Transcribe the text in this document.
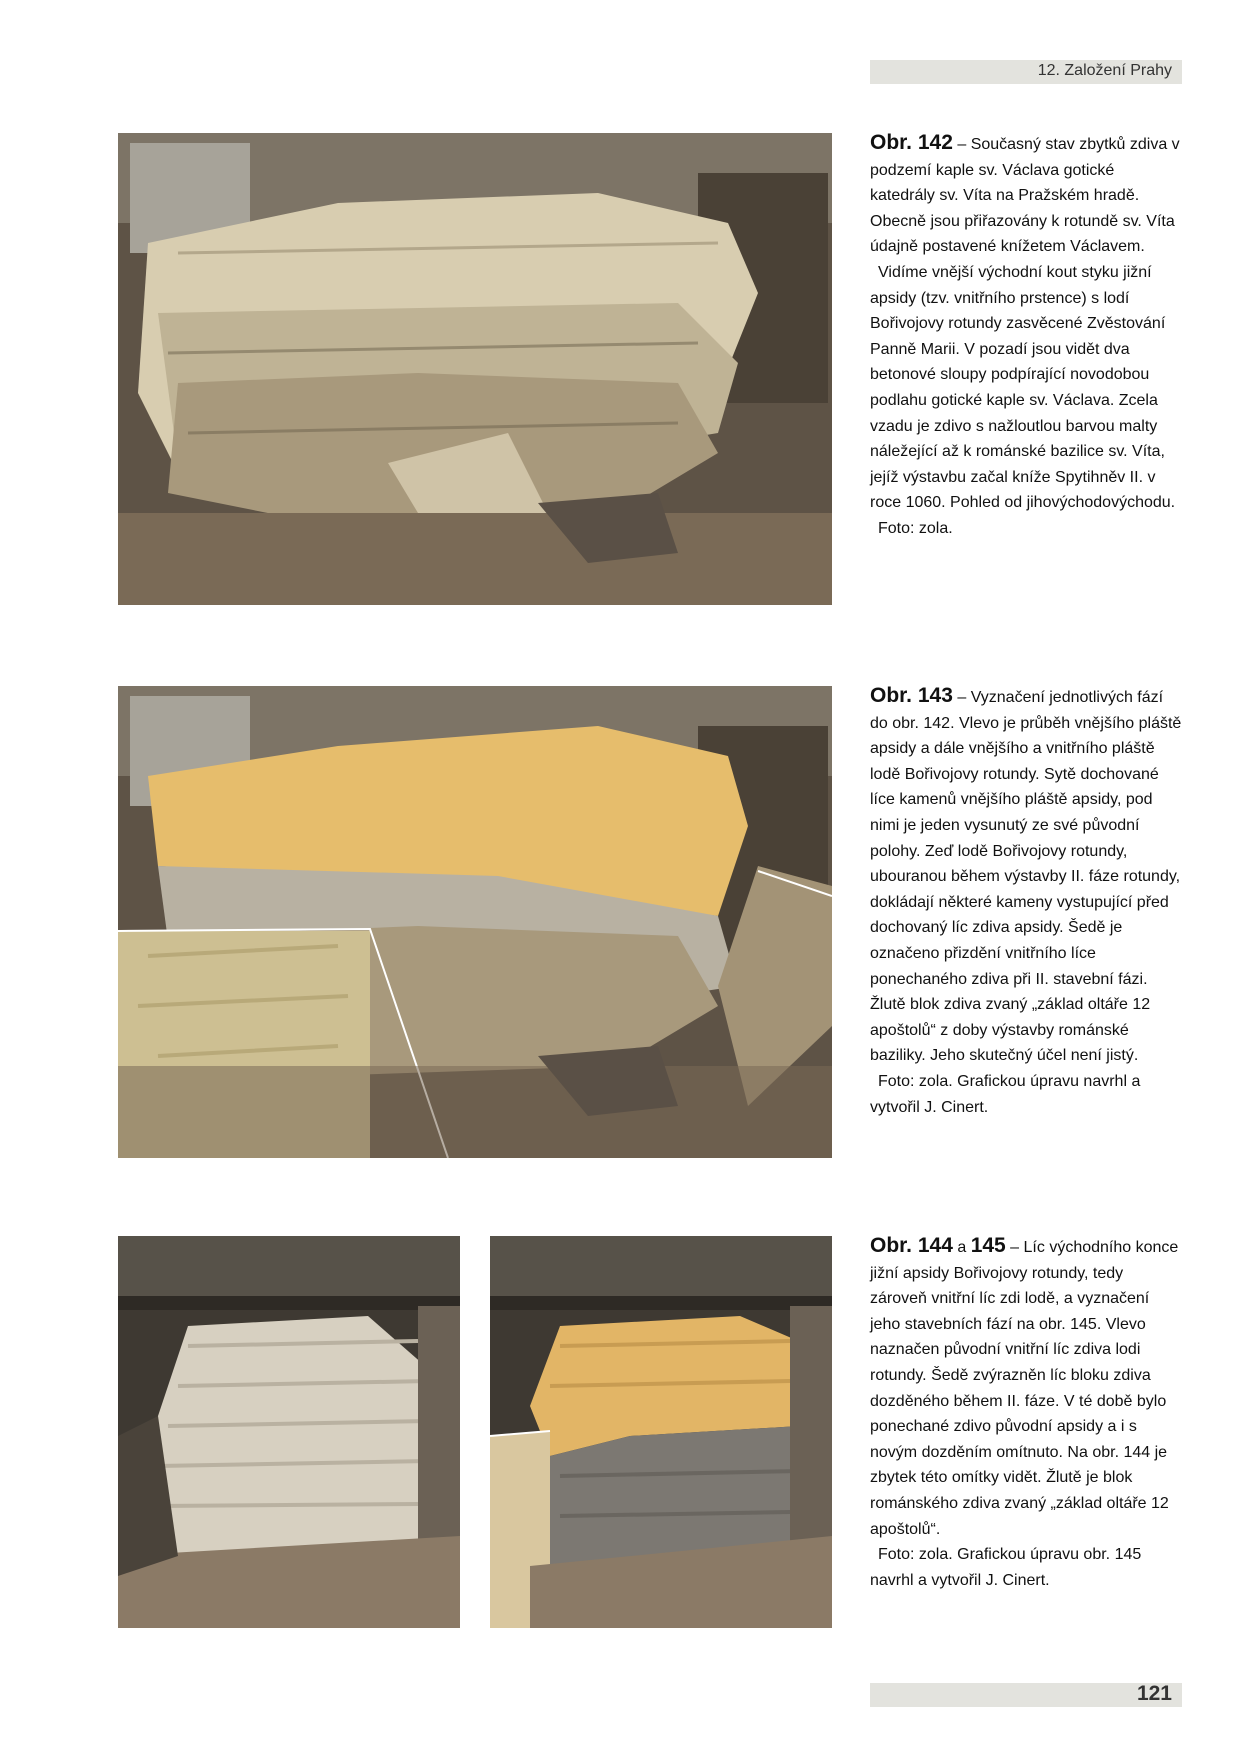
12. Založení Prahy

Obr. 142 – Současný stav zbytků zdiva v podzemí kaple sv. Václava gotické katedrály sv. Víta na Pražském hradě. Obecně jsou přiřazovány k rotundě sv. Víta údajně postavené knížetem Václavem.

Vidíme vnější východní kout styku jižní apsidy (tzv. vnitřního prstence) s lodí Bořivojovy rotundy zasvěcené Zvěstování Panně Marii. V pozadí jsou vidět dva betonové sloupy podpírající novodobou podlahu gotické kaple sv. Václava. Zcela vzadu je zdivo s nažloutlou barvou malty náležející až k románské bazilice sv. Víta, jejíž výstavbu začal kníže Spytihněv II. v roce 1060. Pohled od jihovýchodovýchodu.

Foto: zola.

Obr. 143 – Vyznačení jednotlivých fází do obr. 142. Vlevo je průběh vnějšího pláště apsidy a dále vnějšího a vnitřního pláště lodě Bořivojovy rotundy. Sytě dochované líce kamenů vnějšího pláště apsidy, pod nimi je jeden vysunutý ze své původní polohy. Zeď lodě Bořivojovy rotundy, ubouranou během výstavby II. fáze rotundy, dokládají některé kameny vystupující před dochovaný líc zdiva apsidy. Šedě je označeno přizdění vnitřního líce ponechaného zdiva při II. stavební fázi. Žlutě blok zdiva zvaný „základ oltáře 12 apoštolů“ z doby výstavby románské baziliky. Jeho skutečný účel není jistý.

Foto: zola. Grafickou úpravu navrhl a vytvořil J. Cinert.

Obr. 144 a 145 – Líc východního konce jižní apsidy Bořivojovy rotundy, tedy zároveň vnitřní líc zdi lodě, a vyznačení jeho stavebních fází na obr. 145. Vlevo naznačen původní vnitřní líc zdiva lodi rotundy. Šedě zvýrazněn líc bloku zdiva dozděného během II. fáze. V té době bylo ponechané zdivo původní apsidy a i s novým dozděním omítnuto. Na obr. 144 je zbytek této omítky vidět. Žlutě je blok románského zdiva zvaný „základ oltáře 12 apoštolů“.

Foto: zola. Grafickou úpravu obr. 145 navrhl a vytvořil J. Cinert.

121
